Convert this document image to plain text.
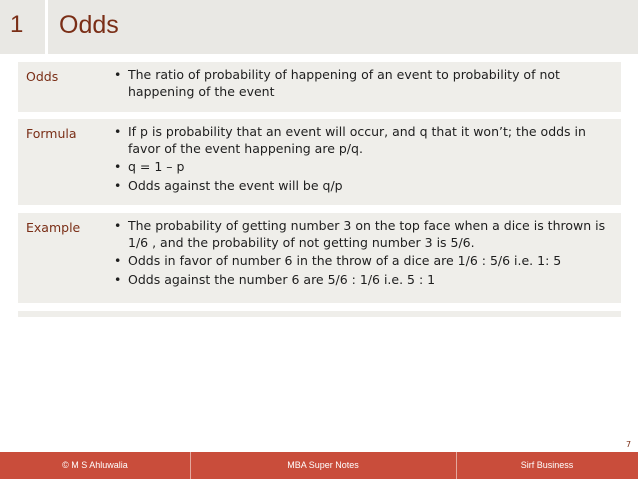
1 Odds
Odds	• The ratio of probability of happening of an event to probability of not happening of the event
Formula	• If p is probability that an event will occur, and q that it won’t; the odds in favor of the event happening are p/q.
• q = 1 – p
• Odds against the event will be q/p
Example	• The probability of getting number 3 on the top face when a dice is thrown is 1/6 , and the probability of not getting number 3 is 5/6.
• Odds in favor of number 6 in the throw of a dice are 1/6 : 5/6 i.e. 1: 5
• Odds against the number 6 are 5/6 : 1/6 i.e. 5 : 1
7
© M S Ahluwalia	MBA Super Notes	Sirf Business
